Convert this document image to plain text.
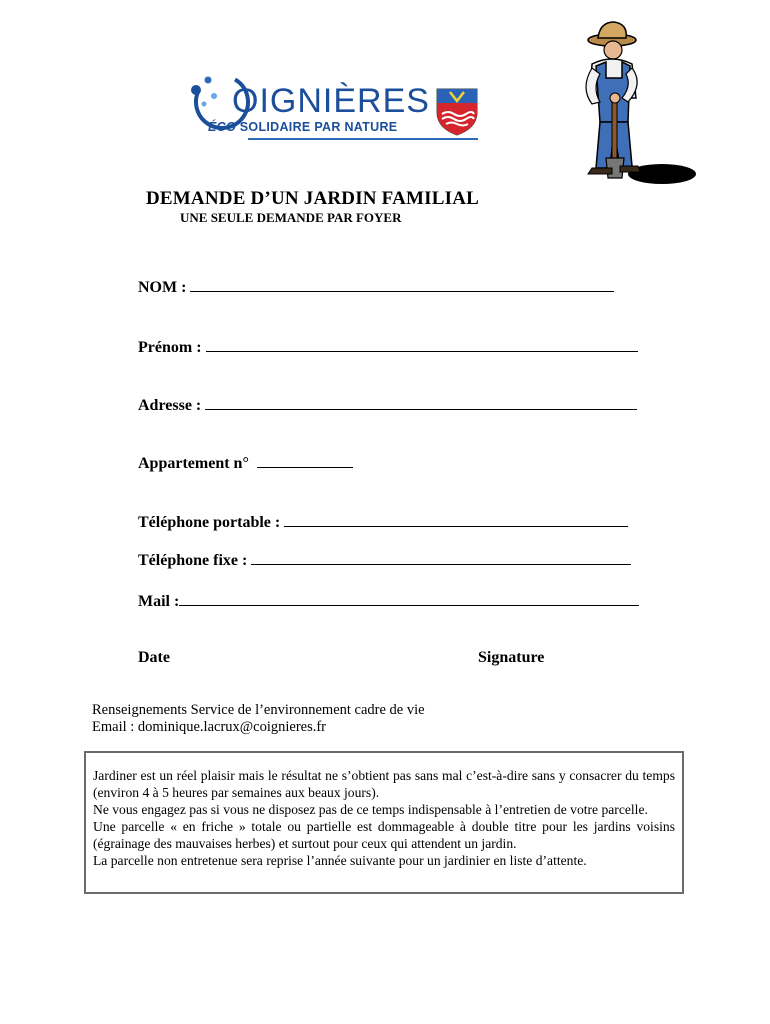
OIGNIÈRES
ÉCO SOLIDAIRE PAR NATURE
DEMANDE D’UN JARDIN FAMILIAL
UNE SEULE DEMANDE PAR FOYER
NOM :
Prénom :
Adresse :
Appartement n°
Téléphone portable :
Téléphone fixe :
Mail :
Date	Signature
Renseignements Service de l’environnement cadre de vie
Email : dominique.lacrux@coignieres.fr

Jardiner est un réel plaisir mais le résultat ne s’obtient pas sans mal c’est-à-dire sans y consacrer du temps (environ 4 à 5 heures par semaines aux beaux jours).

Ne vous engagez pas si vous ne disposez pas de ce temps indispensable à l’entretien de votre parcelle.

Une parcelle « en friche » totale ou partielle est dommageable à double titre pour les jardins voisins (égrainage des mauvaises herbes) et surtout pour ceux qui attendent un jardin.

La parcelle non entretenue sera reprise l’année suivante pour un jardinier en liste d’attente.
